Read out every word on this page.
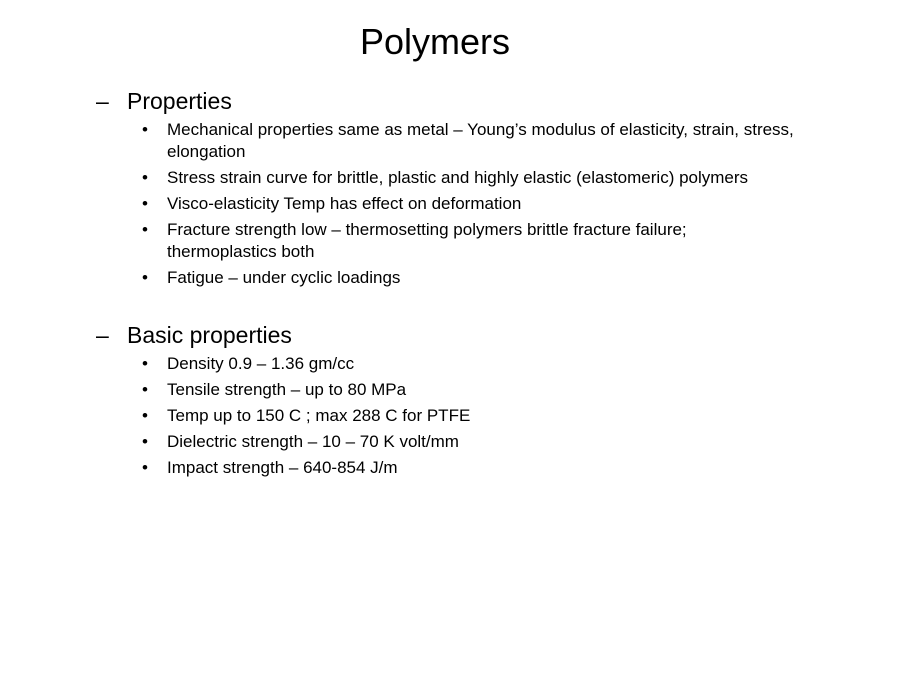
Polymers
– Properties
• Mechanical properties same as metal – Young’s modulus of elasticity, strain, stress, elongation
• Stress strain curve for brittle, plastic and highly elastic (elastomeric) polymers
• Visco-elasticity Temp has effect on deformation
• Fracture strength low – thermosetting polymers brittle fracture failure; thermoplastics both
• Fatigue – under cyclic loadings
– Basic properties
• Density 0.9 – 1.36 gm/cc
• Tensile strength – up to 80 MPa
• Temp up to 150 C ; max 288 C for PTFE
• Dielectric strength – 10 – 70 K volt/mm
• Impact strength – 640-854 J/m
